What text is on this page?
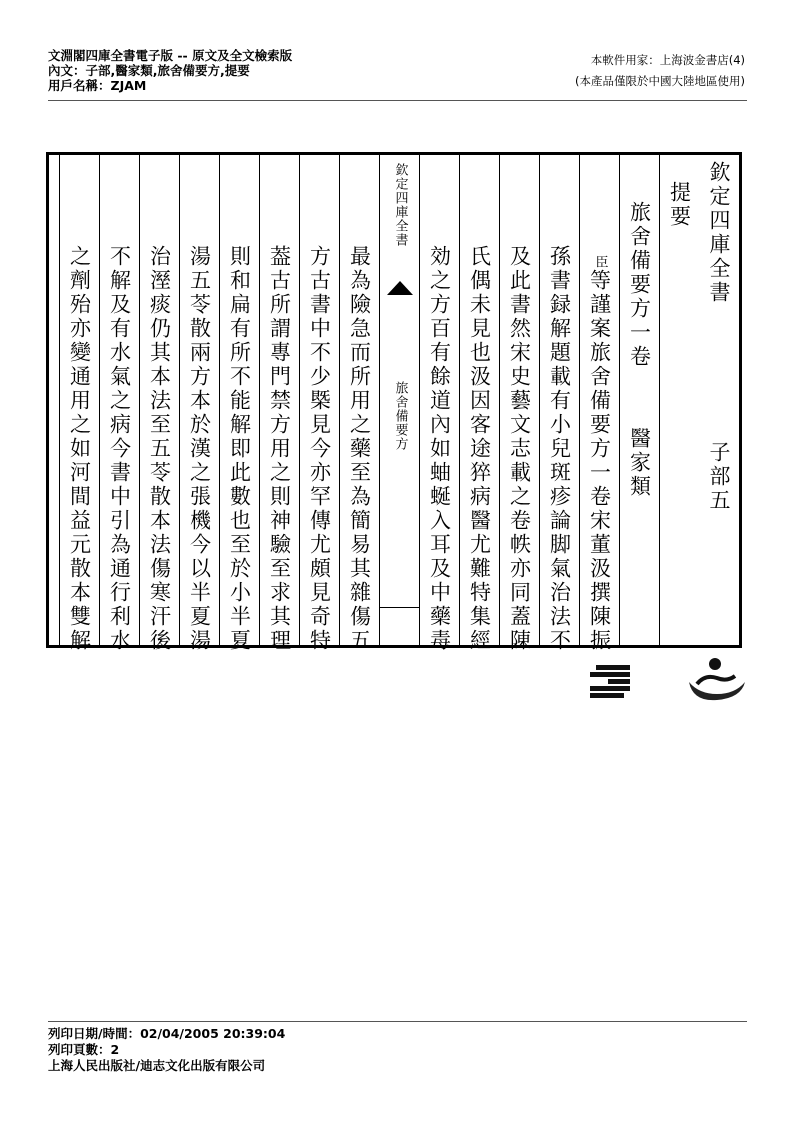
文淵閣四庫全書電子版 -- 原文及全文檢索版
內文：子部,醫家類,旅舍備要方,提要
用戶名稱：ZJAM
本軟件用家：上海波金書店(4)
(本產品僅限於中國大陸地區使用)
欽定四庫全書
子部五
提要
旅舍備要方一卷
醫家類
臣
等謹案旅舍備要方一卷宋董汲撰陳振
孫書録解題載有小兒斑疹論脚氣治法不
及此書然宋史藝文志載之卷帙亦同蓋陳
氏偶未見也汲因客途猝病醫尤難特集經
効之方百有餘道內如蚰蜒入耳及中藥毒
欽定四庫全書
旅舍備要方
最為險急而所用之藥至為簡易其雜傷五
方古書中不少槩見今亦罕傳尤頗見奇特
葢古所謂專門禁方用之則神驗至求其理
則和扁有所不能解即此數也至於小半夏
湯五苓散兩方本於漢之張機今以半夏湯
治溼痰仍其本法至五苓散本法傷寒汗後
不解及有水氣之病今書中引為通行利水
之劑殆亦變通用之如河間益元散本雙解
列印日期/時間：02/04/2005 20:39:04
列印頁數：2
上海人民出版社/迪志文化出版有限公司
